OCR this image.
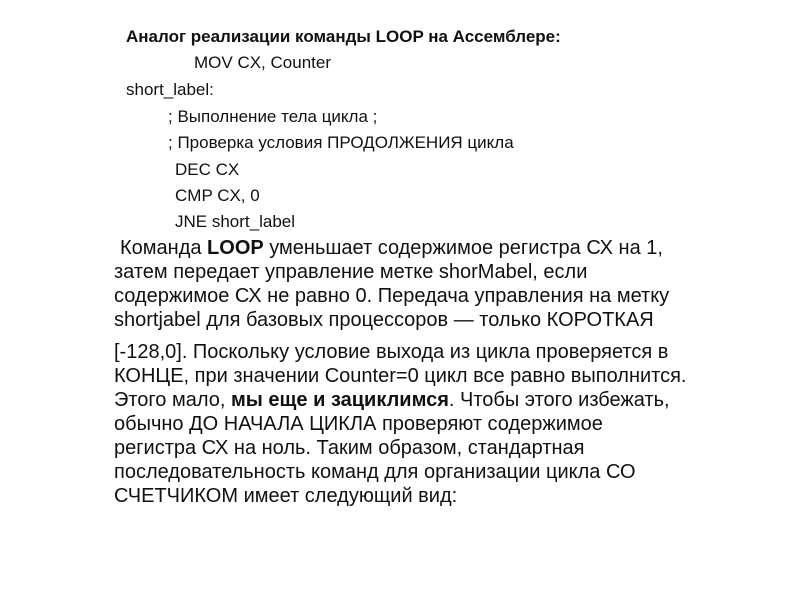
Аналог реализации команды LOOP на Ассемблере:
MOV CX, Counter
short_label:
; Выполнение тела цикла ;
; Проверка условия ПРОДОЛЖЕНИЯ цикла
DEC CX
CMP CX, 0
JNE short_label
Команда LOOP уменьшает содержимое регистра СХ на 1,
затем передает управление метке shorMabel, если
содержимое СХ не равно 0. Передача управления на метку
shortjabel для базовых процессоров — только КОРОТКАЯ
[-128,0]. Поскольку условие выхода из цикла проверяется в
КОНЦЕ, при значении Counter=0 цикл все равно выполнится.
Этого мало, мы еще и зациклимся. Чтобы этого избежать,
обычно ДО НАЧАЛА ЦИКЛА проверяют содержимое
регистра СХ на ноль. Таким образом, стандартная
последовательность команд для организации цикла СО
СЧЕТЧИКОМ имеет следующий вид:
